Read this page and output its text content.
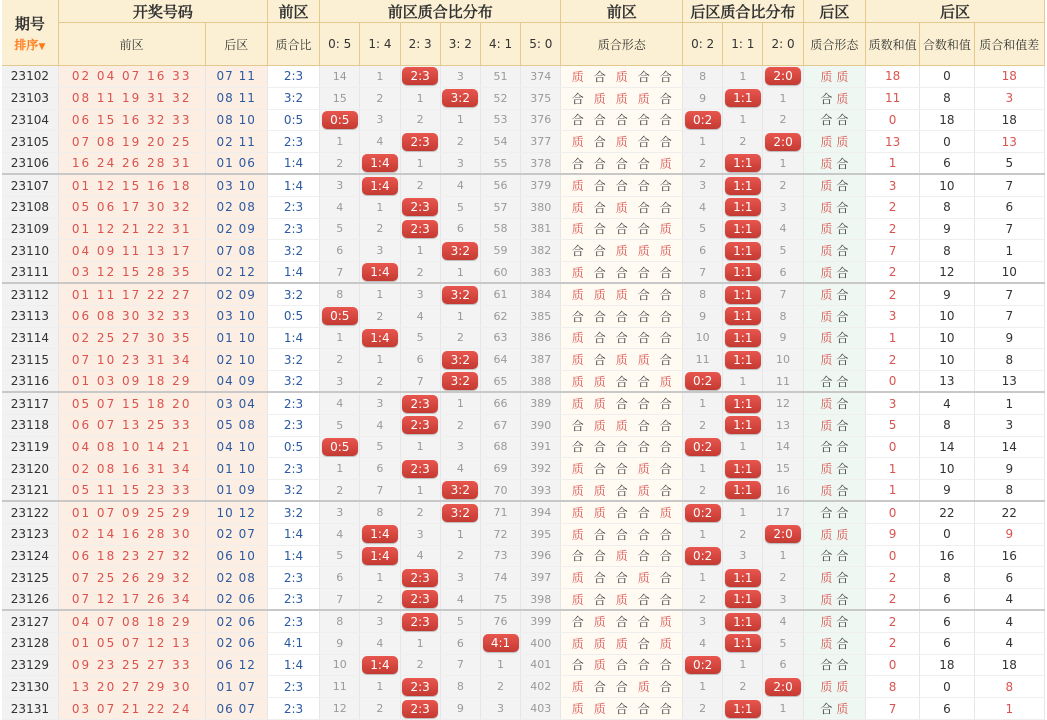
期号
排序▼	开奖号码		前区	前区质合比分布						前区	后区质合比分布			后区	后区		
	前区	后区	质合比	0: 5	1: 4	2: 3	3: 2	4: 1	5: 0	质合形态	0: 2	1: 1	2: 0	质合形态	质数和值	合数和值	质合和值差
23102	02 04 07 16 33	07 11	2:3	14	1	2:3	3	51	374	质 合 质 合 合	8	1	2:0	质 质	18	0	18
23103	08 11 19 31 32	08 11	3:2	15	2	1	3:2	52	375	合 质 质 质 合	9	1:1	1	合 质	11	8	3
23104	06 15 16 32 33	08 10	0:5	0:5	3	2	1	53	376	合 合 合 合 合	0:2	1	2	合 合	0	18	18
23105	07 08 19 20 25	02 11	2:3	1	4	2:3	2	54	377	质 合 质 合 合	1	2	2:0	质 质	13	0	13
23106	16 24 26 28 31	01 06	1:4	2	1:4	1	3	55	378	合 合 合 合 质	2	1:1	1	质 合	1	6	5
23107	01 12 15 16 18	03 10	1:4	3	1:4	2	4	56	379	质 合 合 合 合	3	1:1	2	质 合	3	10	7
23108	05 06 17 30 32	02 08	2:3	4	1	2:3	5	57	380	质 合 质 合 合	4	1:1	3	质 合	2	8	6
23109	01 12 21 22 31	02 09	2:3	5	2	2:3	6	58	381	质 合 合 合 质	5	1:1	4	质 合	2	9	7
23110	04 09 11 13 17	07 08	3:2	6	3	1	3:2	59	382	合 合 质 质 质	6	1:1	5	质 合	7	8	1
23111	03 12 15 28 35	02 12	1:4	7	1:4	2	1	60	383	质 合 合 合 合	7	1:1	6	质 合	2	12	10
23112	01 11 17 22 27	02 09	3:2	8	1	3	3:2	61	384	质 质 质 合 合	8	1:1	7	质 合	2	9	7
23113	06 08 30 32 33	03 10	0:5	0:5	2	4	1	62	385	合 合 合 合 合	9	1:1	8	质 合	3	10	7
23114	02 25 27 30 35	01 10	1:4	1	1:4	5	2	63	386	质 合 合 合 合	10	1:1	9	质 合	1	10	9
23115	07 10 23 31 34	02 10	3:2	2	1	6	3:2	64	387	质 合 质 质 合	11	1:1	10	质 合	2	10	8
23116	01 03 09 18 29	04 09	3:2	3	2	7	3:2	65	388	质 质 合 合 质	0:2	1	11	合 合	0	13	13
23117	05 07 15 18 20	03 04	2:3	4	3	2:3	1	66	389	质 质 合 合 合	1	1:1	12	质 合	3	4	1
23118	06 07 13 25 33	05 08	2:3	5	4	2:3	2	67	390	合 质 质 合 合	2	1:1	13	质 合	5	8	3
23119	04 08 10 14 21	04 10	0:5	0:5	5	1	3	68	391	合 合 合 合 合	0:2	1	14	合 合	0	14	14
23120	02 08 16 31 34	01 10	2:3	1	6	2:3	4	69	392	质 合 合 质 合	1	1:1	15	质 合	1	10	9
23121	05 11 15 23 33	01 09	3:2	2	7	1	3:2	70	393	质 质 合 质 合	2	1:1	16	质 合	1	9	8
23122	01 07 09 25 29	10 12	3:2	3	8	2	3:2	71	394	质 质 合 合 质	0:2	1	17	合 合	0	22	22
23123	02 14 16 28 30	02 07	1:4	4	1:4	3	1	72	395	质 合 合 合 合	1	2	2:0	质 质	9	0	9
23124	06 18 23 27 32	06 10	1:4	5	1:4	4	2	73	396	合 合 质 合 合	0:2	3	1	合 合	0	16	16
23125	07 25 26 29 32	02 08	2:3	6	1	2:3	3	74	397	质 合 合 质 合	1	1:1	2	质 合	2	8	6
23126	07 12 17 26 34	02 06	2:3	7	2	2:3	4	75	398	质 合 质 合 合	2	1:1	3	质 合	2	6	4
23127	04 07 08 18 29	02 06	2:3	8	3	2:3	5	76	399	合 质 合 合 质	3	1:1	4	质 合	2	6	4
23128	01 05 07 12 13	02 06	4:1	9	4	1	6	4:1	400	质 质 质 合 质	4	1:1	5	质 合	2	6	4
23129	09 23 25 27 33	06 12	1:4	10	1:4	2	7	1	401	合 质 合 合 合	0:2	1	6	合 合	0	18	18
23130	13 20 27 29 30	01 07	2:3	11	1	2:3	8	2	402	质 合 合 质 合	1	2	2:0	质 质	8	0	8
23131	03 07 21 22 24	06 07	2:3	12	2	2:3	9	3	403	质 质 合 合 合	2	1:1	1	合 质	7	6	1
